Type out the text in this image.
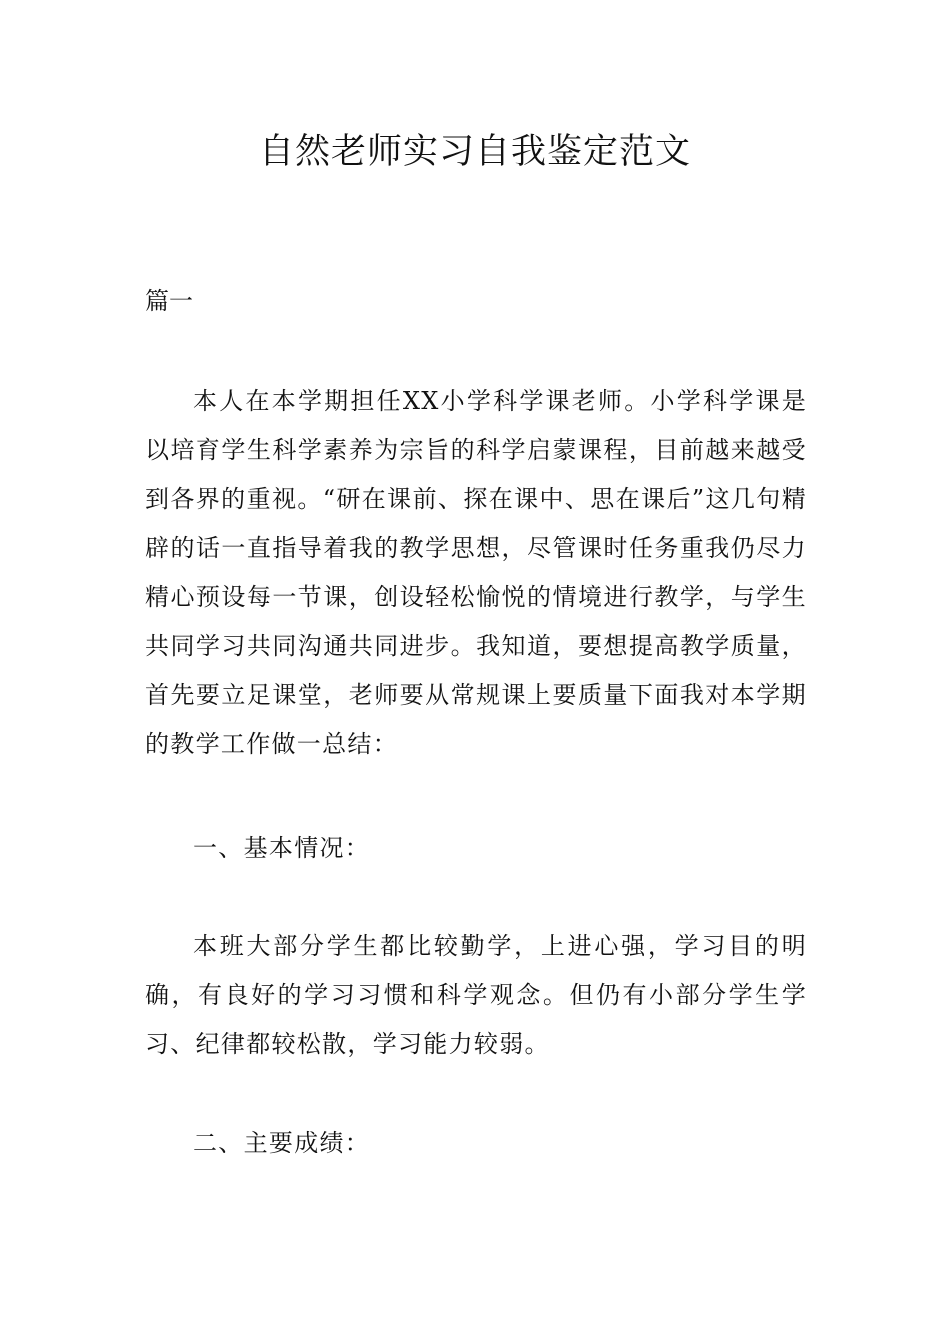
自然老师实习自我鉴定范文

篇一

本人在本学期担任XX小学科学课老师。小学科学课是以培育学生科学素养为宗旨的科学启蒙课程，目前越来越受到各界的重视。“研在课前、探在课中、思在课后”这几句精辟的话一直指导着我的教学思想，尽管课时任务重我仍尽力精心预设每一节课，创设轻松愉悦的情境进行教学，与学生共同学习共同沟通共同进步。我知道，要想提高教学质量，首先要立足课堂，老师要从常规课上要质量下面我对本学期的教学工作做一总结：

一、基本情况：

本班大部分学生都比较勤学，上进心强，学习目的明确，有良好的学习习惯和科学观念。但仍有小部分学生学习、纪律都较松散，学习能力较弱。

二、主要成绩：
